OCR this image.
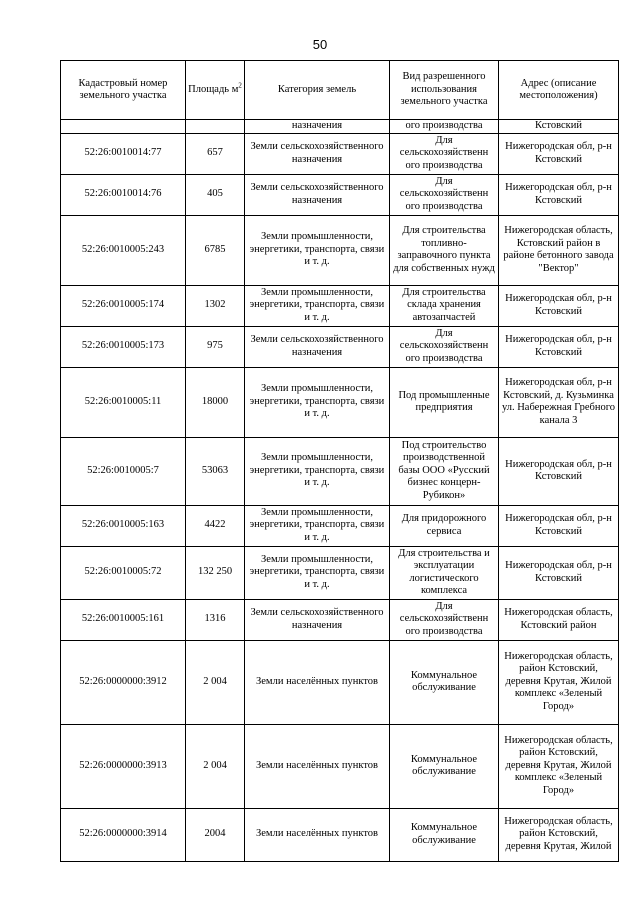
50
Кадастровый номер земельного участка	Площадь $м^2$	Категория земель	Вид разрешенного использования земельного участка	Адрес (описание местоположения)
		назначения	ого производства	Кстовский
52:26:0010014:77	657	Земли сельскохозяйственного назначения	Для сельскохозяйственн ого производства	Нижегородская обл, р-н Кстовский
52:26:0010014:76	405	Земли сельскохозяйственного назначения	Для сельскохозяйственн ого производства	Нижегородская обл, р-н Кстовский
52:26:0010005:243	6785	Земли промышленности, энергетики, транспорта, связи и т. д.	Для строительства топливно-заправочного пункта для собственных нужд	Нижегородская область, Кстовский район в районе бетонного завода "Вектор"
52:26:0010005:174	1302	Земли промышленности, энергетики, транспорта, связи и т. д.	Для строительства склада хранения автозапчастей	Нижегородская обл, р-н Кстовский
52:26:0010005:173	975	Земли сельскохозяйственного назначения	Для сельскохозяйственн ого производства	Нижегородская обл, р-н Кстовский
52:26:0010005:11	18000	Земли промышленности, энергетики, транспорта, связи и т. д.	Под промышленные предприятия	Нижегородская обл, р-н Кстовский, д. Кузьминка ул. Набережная Гребного канала 3
52:26:0010005:7	53063	Земли промышленности, энергетики, транспорта, связи и т. д.	Под строительство производственной базы ООО «Русский бизнес концерн-Рубикон»	Нижегородская обл, р-н Кстовский
52:26:0010005:163	4422	Земли промышленности, энергетики, транспорта, связи и т. д.	Для придорожного сервиса	Нижегородская обл, р-н Кстовский
52:26:0010005:72	132 250	Земли промышленности, энергетики, транспорта, связи и т. д.	Для строительства и эксплуатации логистического комплекса	Нижегородская обл, р-н Кстовский
52:26:0010005:161	1316	Земли сельскохозяйственного назначения	Для сельскохозяйственн ого производства	Нижегородская область, Кстовский район
52:26:0000000:3912	2 004	Земли населённых пунктов	Коммунальное обслуживание	Нижегородская область, район Кстовский, деревня Крутая, Жилой комплекс «Зеленый Город»
52:26:0000000:3913	2 004	Земли населённых пунктов	Коммунальное обслуживание	Нижегородская область, район Кстовский, деревня Крутая, Жилой комплекс «Зеленый Город»
52:26:0000000:3914	2004	Земли населённых пунктов	Коммунальное обслуживание	Нижегородская область, район Кстовский, деревня Крутая, Жилой
